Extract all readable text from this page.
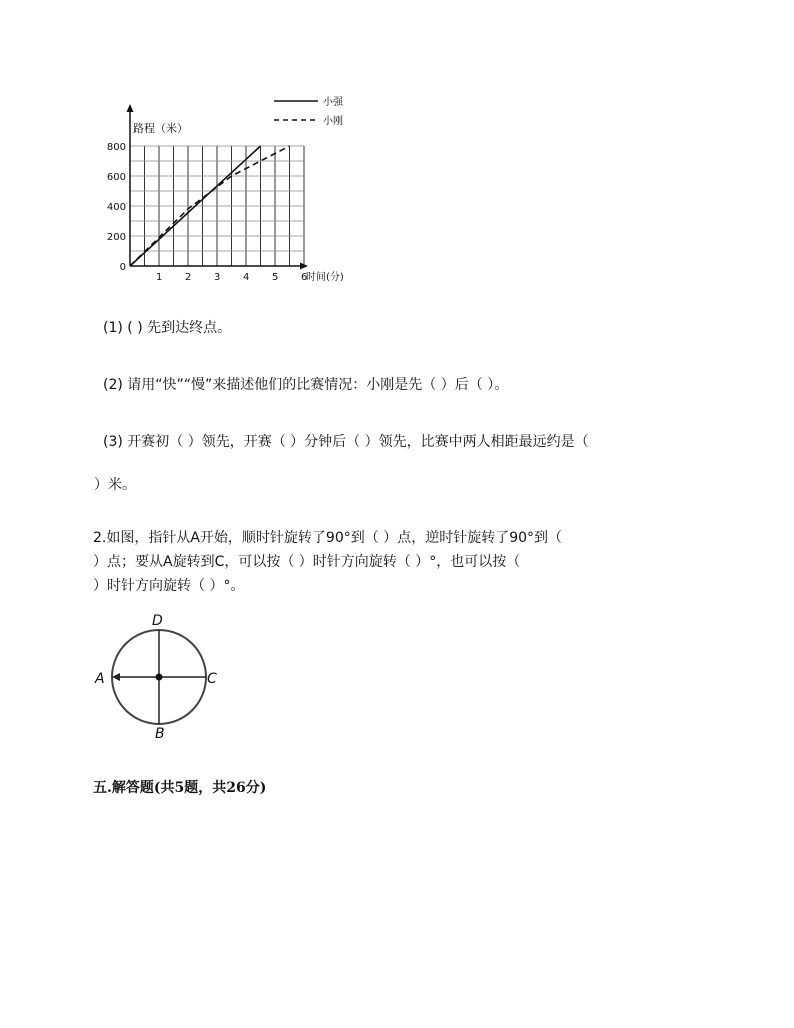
1 2 3 4 5 6
0
200
400
600
800
路程（米）
时间(分)
小强
小刚
(1) ( ) 先到达终点。
(2) 请用“快”“慢”来描述他们的比赛情况：小刚是先（ ）后（ ）。
(3) 开赛初（ ）领先，开赛（ ）分钟后（ ）领先，比赛中两人相距最远约是（
）米。
2.如图，指针从A开始，顺时针旋转了90°到（ ）点，逆时针旋转了90°到（
）点；要从A旋转到C，可以按（ ）时针方向旋转（ ）°，也可以按（
）时针方向旋转（ ）°。
D
A	C
B
五.解答题(共5题，共26分)
